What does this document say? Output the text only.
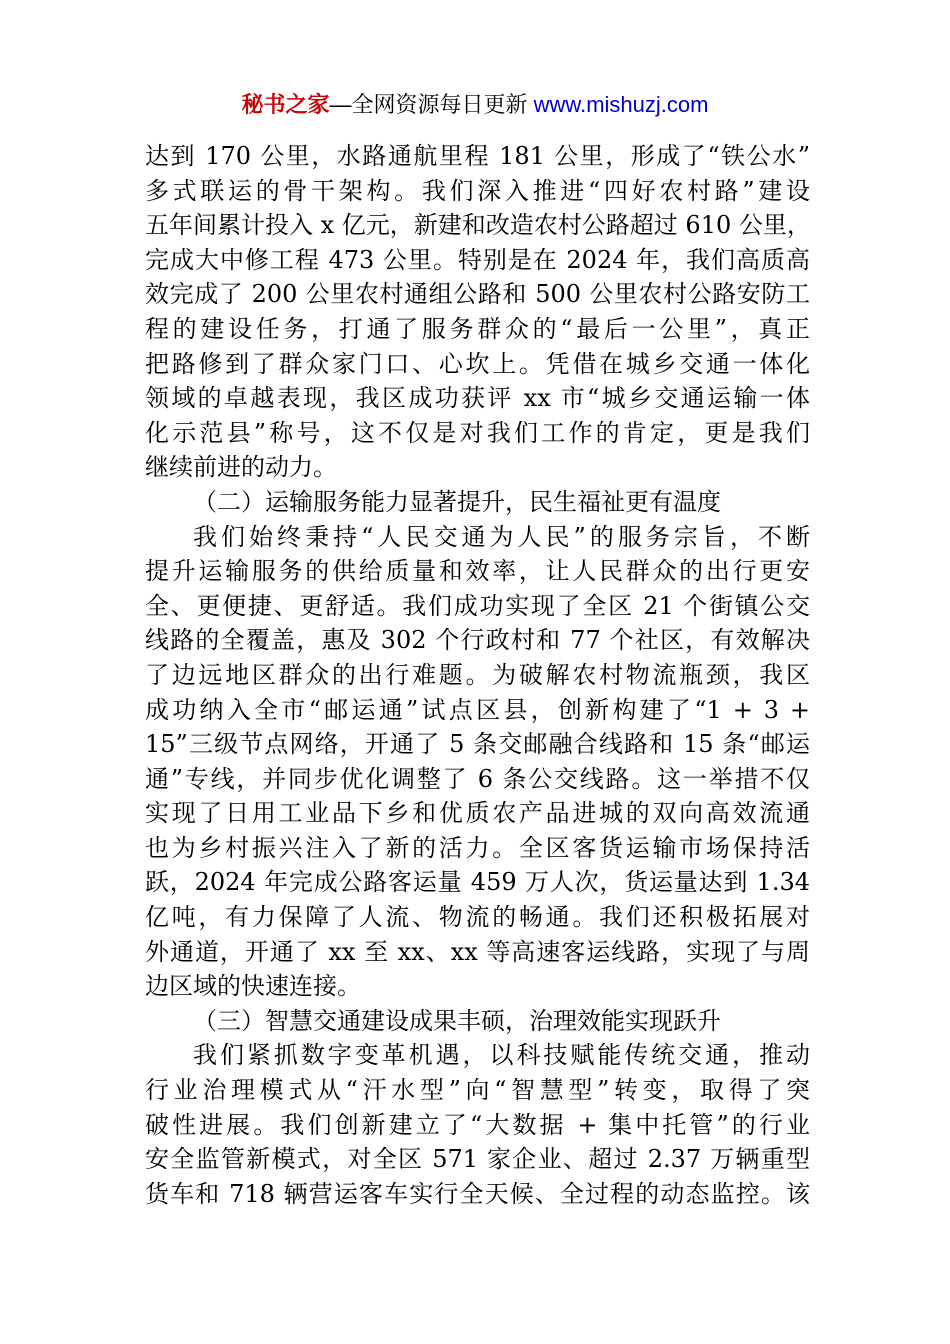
秘书之家—全网资源每日更新 www.mishuzj.com
达到 170 公里，水路通航里程 181 公里，形成了“铁公水”
多式联运的骨干架构。我们深入推进“四好农村路”建设
五年间累计投入 x 亿元，新建和改造农村公路超过 610 公里，
完成大中修工程 473 公里。特别是在 2024 年，我们高质高
效完成了 200 公里农村通组公路和 500 公里农村公路安防工
程的建设任务，打通了服务群众的“最后一公里”，真正
把路修到了群众家门口、心坎上。凭借在城乡交通一体化
领域的卓越表现，我区成功获评 xx 市“城乡交通运输一体
化示范县”称号，这不仅是对我们工作的肯定，更是我们
继续前进的动力。
（二）运输服务能力显著提升，民生福祉更有温度
我们始终秉持“人民交通为人民”的服务宗旨，不断
提升运输服务的供给质量和效率，让人民群众的出行更安
全、更便捷、更舒适。我们成功实现了全区 21 个街镇公交
线路的全覆盖，惠及 302 个行政村和 77 个社区，有效解决
了边远地区群众的出行难题。为破解农村物流瓶颈，我区
成功纳入全市“邮运通”试点区县，创新构建了“1 + 3 +
15”三级节点网络，开通了 5 条交邮融合线路和 15 条“邮运
通”专线，并同步优化调整了 6 条公交线路。这一举措不仅
实现了日用工业品下乡和优质农产品进城的双向高效流通
也为乡村振兴注入了新的活力。全区客货运输市场保持活
跃，2024 年完成公路客运量 459 万人次，货运量达到 1.34
亿吨，有力保障了人流、物流的畅通。我们还积极拓展对
外通道，开通了 xx 至 xx、xx 等高速客运线路，实现了与周
边区域的快速连接。
（三）智慧交通建设成果丰硕，治理效能实现跃升
我们紧抓数字变革机遇，以科技赋能传统交通，推动
行业治理模式从“汗水型”向“智慧型”转变，取得了突
破性进展。我们创新建立了“大数据 + 集中托管”的行业
安全监管新模式，对全区 571 家企业、超过 2.37 万辆重型
货车和 718 辆营运客车实行全天候、全过程的动态监控。该
